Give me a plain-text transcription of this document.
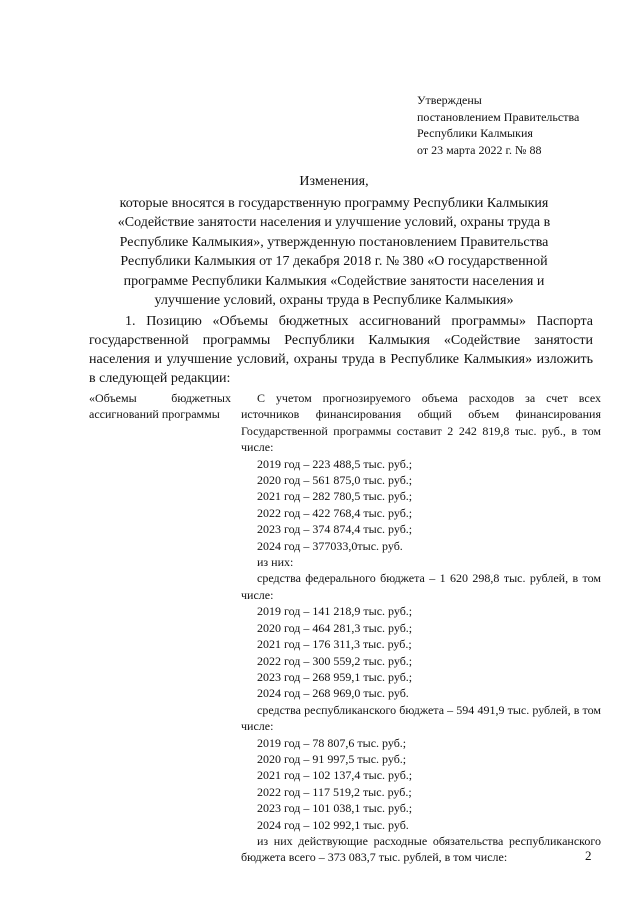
Утверждены
постановлением Правительства
Республики Калмыкия
от 23 марта 2022 г. № 88
Изменения,
которые вносятся в государственную программу Республики Калмыкия
«Содействие занятости населения и улучшение условий, охраны труда в
Республике Калмыкия», утвержденную постановлением Правительства
Республики Калмыкия от 17 декабря 2018 г. № 380 «О государственной
программе Республики Калмыкия «Содействие занятости населения и
улучшение условий, охраны труда в Республике Калмыкия»

1. Позицию «Объемы бюджетных ассигнований программы» Паспорта государственной программы Республики Калмыкия «Содействие занятости населения и улучшение условий, охраны труда в Республике Калмыкия» изложить в следующей редакции:

«Объемы бюджетных ассигнований программы

С учетом прогнозируемого объема расходов за счет всех источников финансирования общий объем финансирования Государственной программы составит 2 242 819,8 тыс. руб., в том числе:

2019 год – 223 488,5 тыс. руб.;
2020 год – 561 875,0 тыс. руб.;
2021 год – 282 780,5 тыс. руб.;
2022 год – 422 768,4 тыс. руб.;
2023 год – 374 874,4 тыс. руб.;
2024 год – 377033,0тыс. руб.
из них:

средства федерального бюджета – 1 620 298,8 тыс. рублей, в том числе:

2019 год – 141 218,9 тыс. руб.;
2020 год – 464 281,3 тыс. руб.;
2021 год – 176 311,3 тыс. руб.;
2022 год – 300 559,2 тыс. руб.;
2023 год – 268 959,1 тыс. руб.;
2024 год – 268 969,0 тыс. руб.

средства республиканского бюджета – 594 491,9 тыс. рублей, в том числе:

2019 год – 78 807,6 тыс. руб.;
2020 год – 91 997,5 тыс. руб.;
2021 год – 102 137,4 тыс. руб.;
2022 год – 117 519,2 тыс. руб.;
2023 год – 101 038,1 тыс. руб.;
2024 год – 102 992,1 тыс. руб.

из них действующие расходные обязательства республиканского бюджета всего – 373 083,7 тыс. рублей, в том числе:	2
